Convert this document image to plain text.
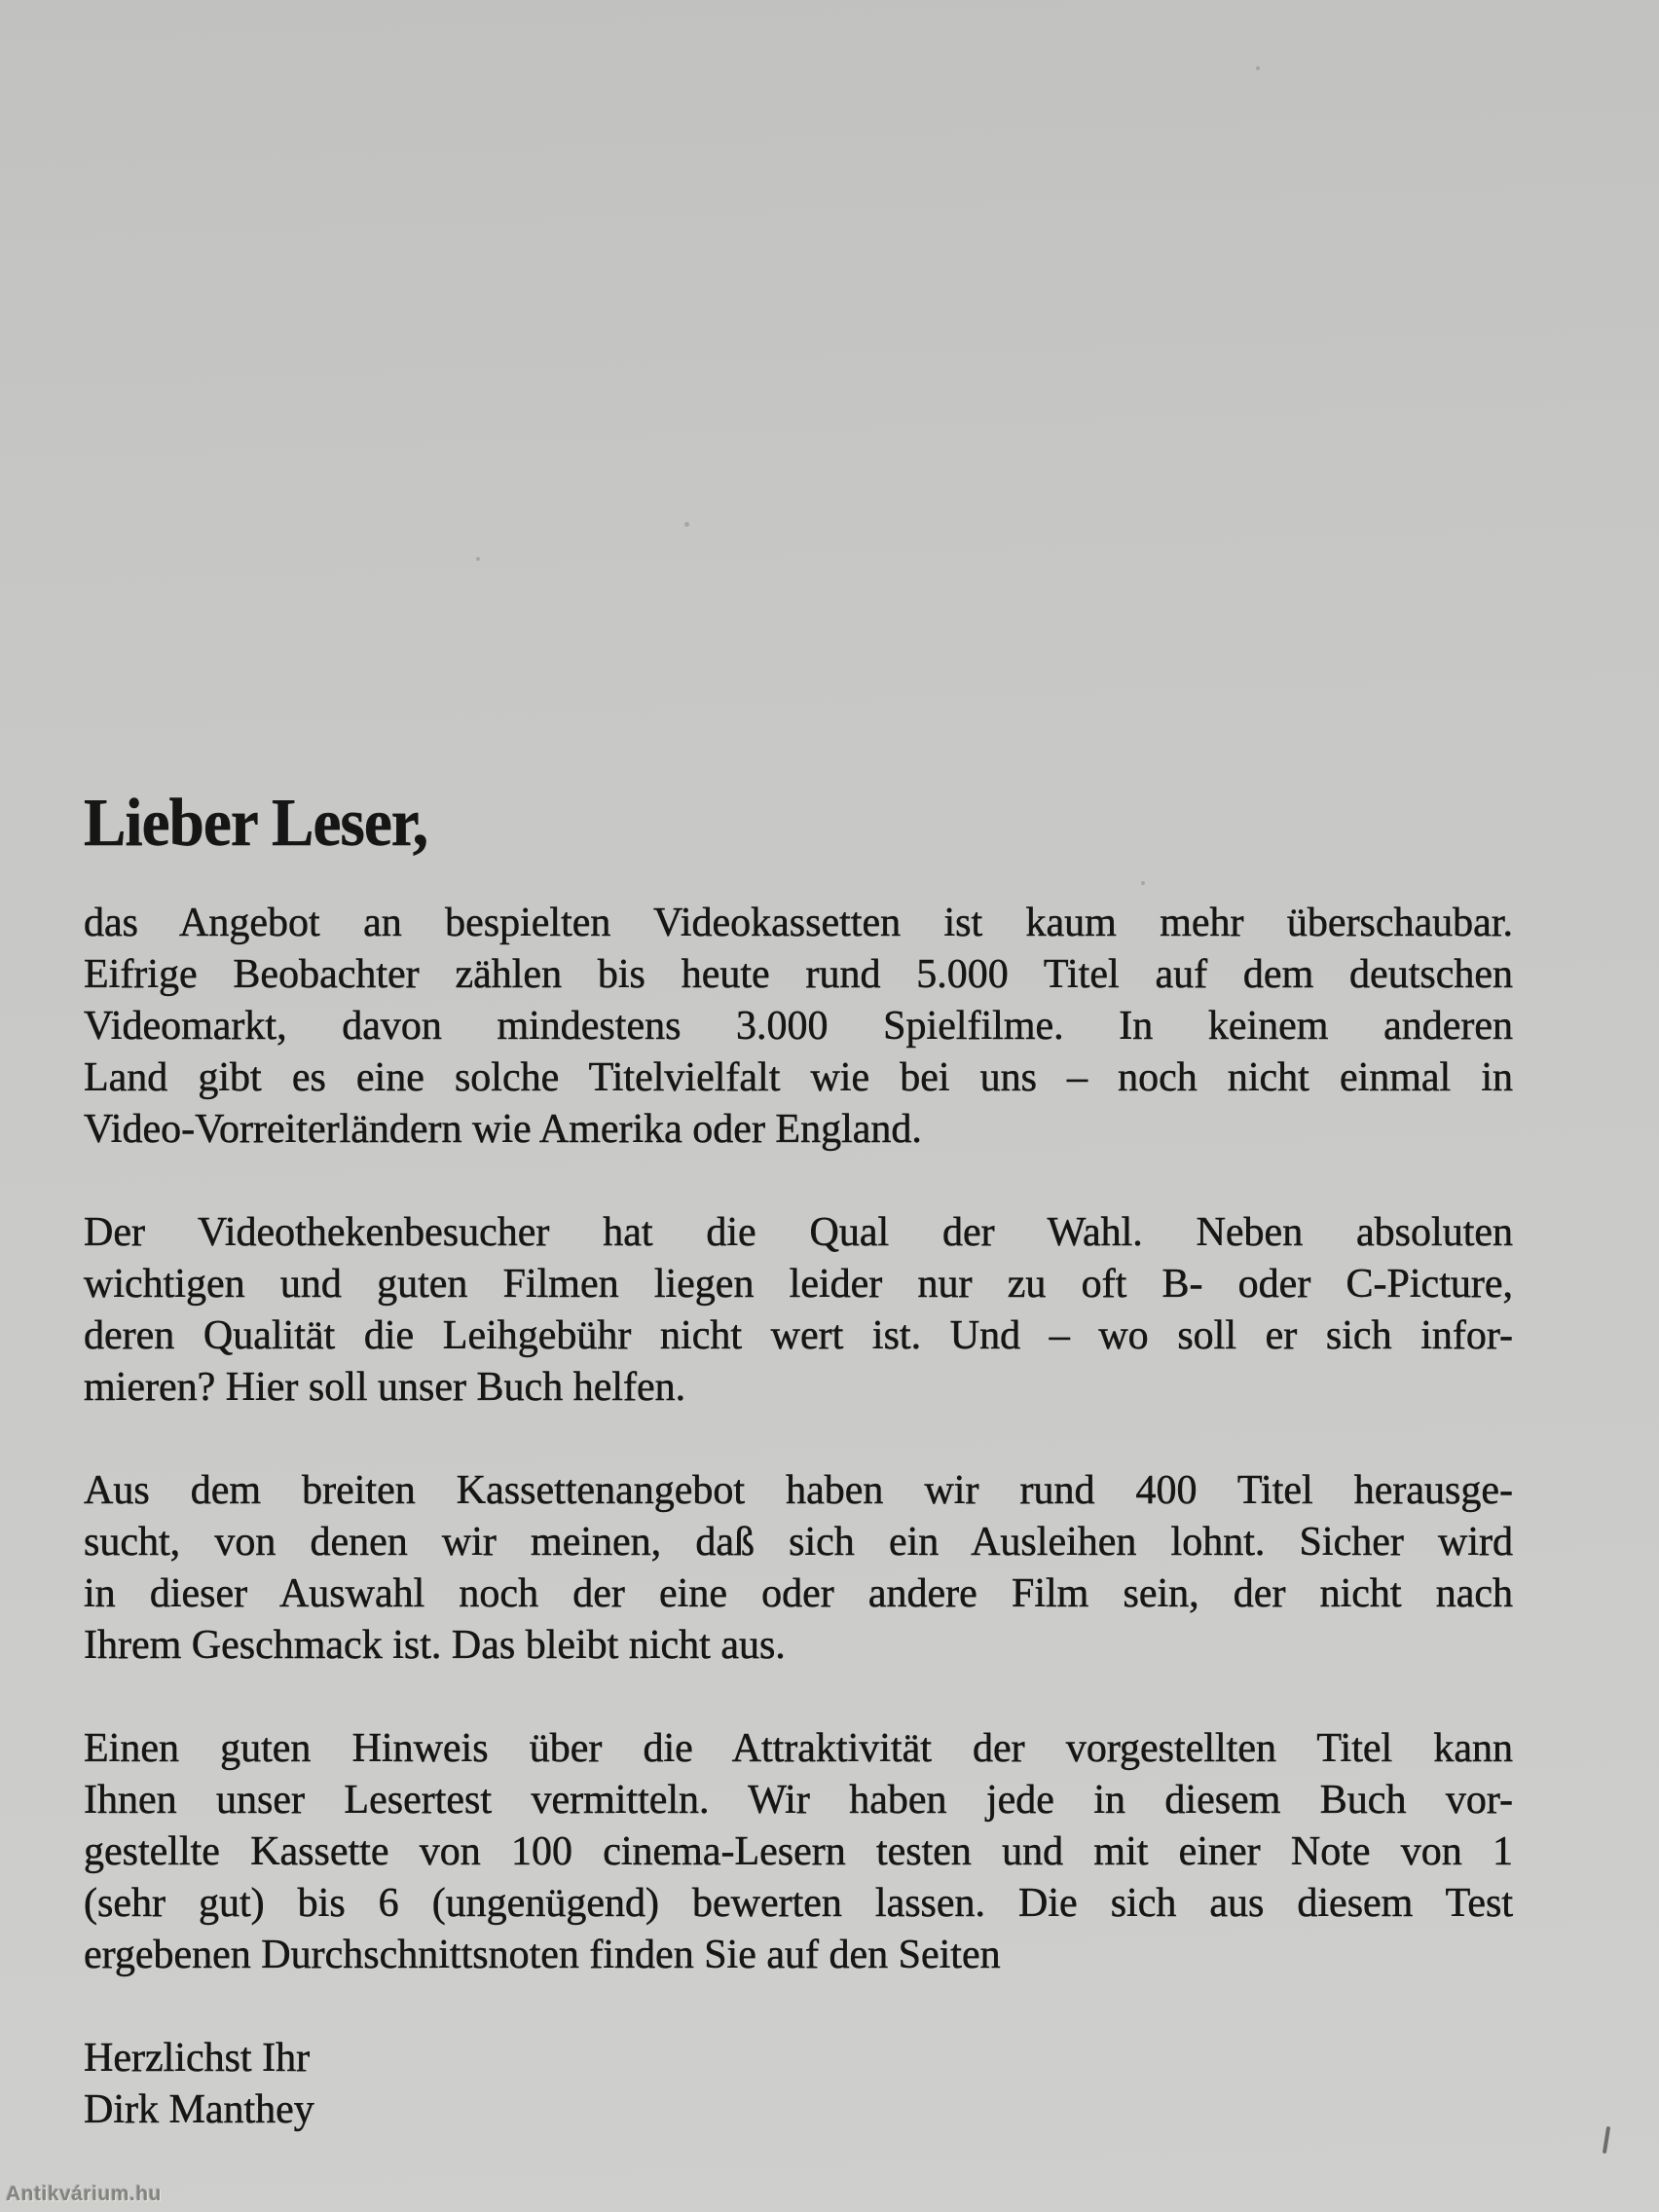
Lieber Leser,
das Angebot an bespielten Videokassetten ist kaum mehr überschaubar.
Eifrige Beobachter zählen bis heute rund 5.000 Titel auf dem deutschen
Videomarkt, davon mindestens 3.000 Spielfilme. In keinem anderen
Land gibt es eine solche Titelvielfalt wie bei uns – noch nicht einmal in
Video-Vorreiterländern wie Amerika oder England.
Der Videothekenbesucher hat die Qual der Wahl. Neben absoluten
wichtigen und guten Filmen liegen leider nur zu oft B- oder C-Picture,
deren Qualität die Leihgebühr nicht wert ist. Und – wo soll er sich infor-
mieren? Hier soll unser Buch helfen.
Aus dem breiten Kassettenangebot haben wir rund 400 Titel herausge-
sucht, von denen wir meinen, daß sich ein Ausleihen lohnt. Sicher wird
in dieser Auswahl noch der eine oder andere Film sein, der nicht nach
Ihrem Geschmack ist. Das bleibt nicht aus.
Einen guten Hinweis über die Attraktivität der vorgestellten Titel kann
Ihnen unser Lesertest vermitteln. Wir haben jede in diesem Buch vor-
gestellte Kassette von 100 cinema-Lesern testen und mit einer Note von 1
(sehr gut) bis 6 (ungenügend) bewerten lassen. Die sich aus diesem Test
ergebenen Durchschnittsnoten finden Sie auf den Seiten
Herzlichst Ihr
Dirk Manthey
Antikvárium.hu
